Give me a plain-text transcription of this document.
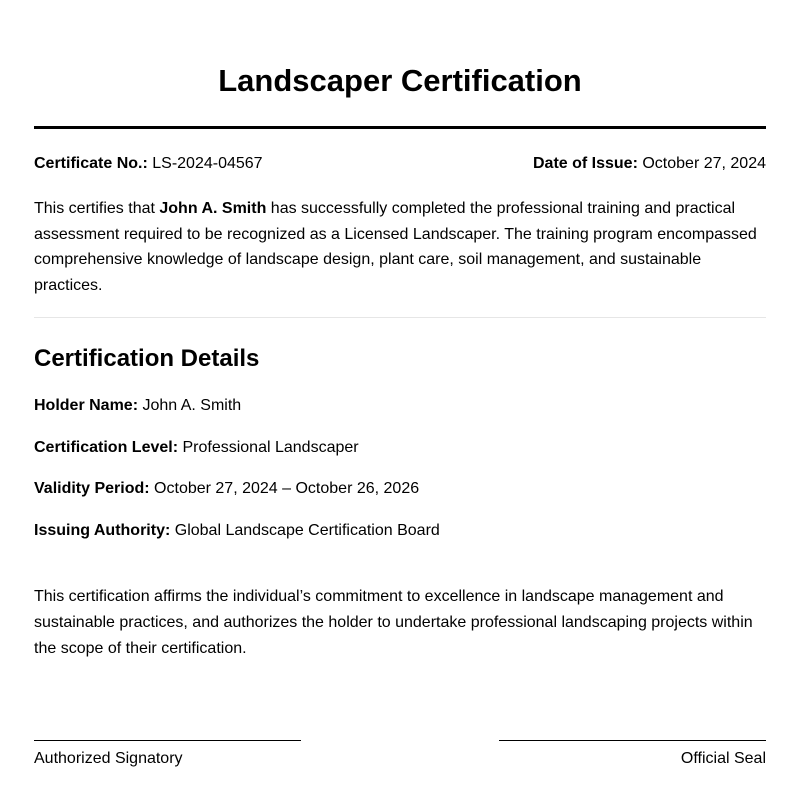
Landscaper Certification
Certificate No.: LS-2024-04567	Date of Issue: October 27, 2024

This certifies that John A. Smith has successfully completed the professional training and practical assessment required to be recognized as a Licensed Landscaper. The training program encompassed comprehensive knowledge of landscape design, plant care, soil management, and sustainable practices.

Certification Details

Holder Name: John A. Smith

Certification Level: Professional Landscaper

Validity Period: October 27, 2024 – October 26, 2026

Issuing Authority: Global Landscape Certification Board

This certification affirms the individual’s commitment to excellence in landscape management and sustainable practices, and authorizes the holder to undertake professional landscaping projects within the scope of their certification.

Authorized Signatory	Official Seal
